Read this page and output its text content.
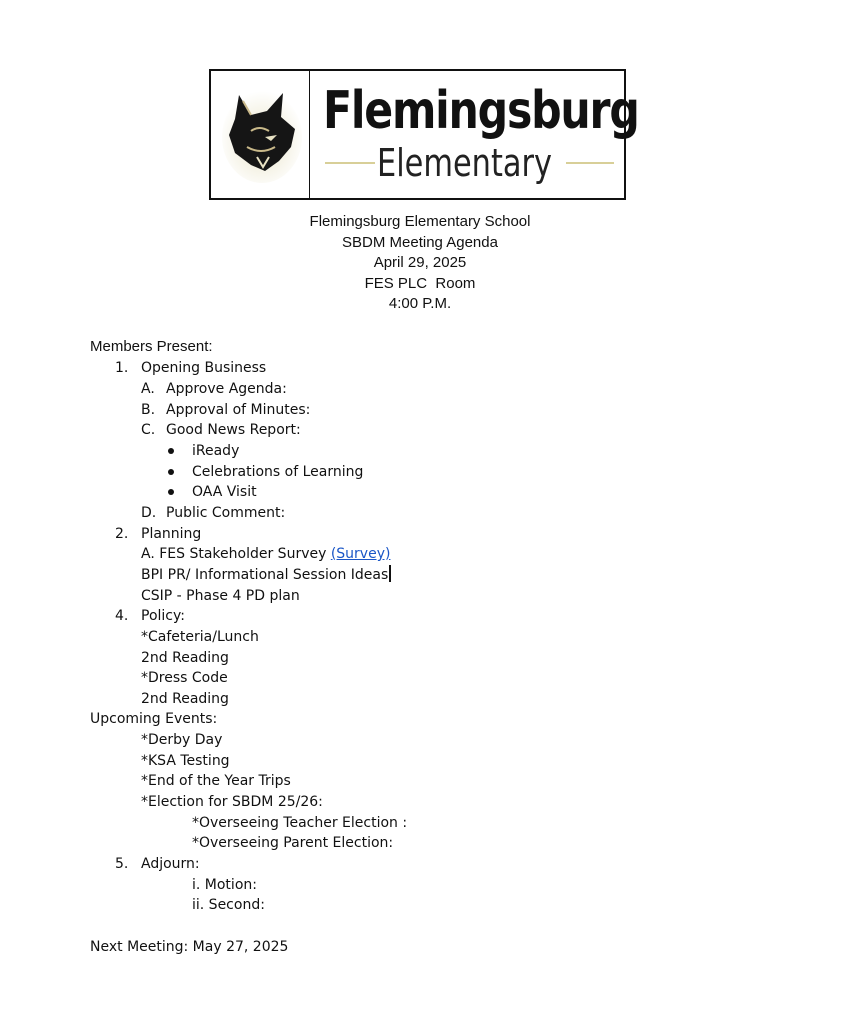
Flemingsburg
Elementary
Flemingsburg Elementary School
SBDM Meeting Agenda
April 29, 2025
FES PLC  Room
4:00 P.M.
Members Present:
1. Opening Business
A. Approve Agenda:
B. Approval of Minutes:
C. Good News Report:
iReady
Celebrations of Learning
OAA Visit
D. Public Comment:
2. Planning
A. FES Stakeholder Survey (Survey)
BPI PR/ Informational Session Ideas
CSIP - Phase 4 PD plan
4. Policy:
*Cafeteria/Lunch
2nd Reading
*Dress Code
2nd Reading
Upcoming Events:
*Derby Day
*KSA Testing
*End of the Year Trips
*Election for SBDM 25/26:
*Overseeing Teacher Election :
*Overseeing Parent Election:
5. Adjourn:
i. Motion:
ii. Second:
Next Meeting: May 27, 2025
